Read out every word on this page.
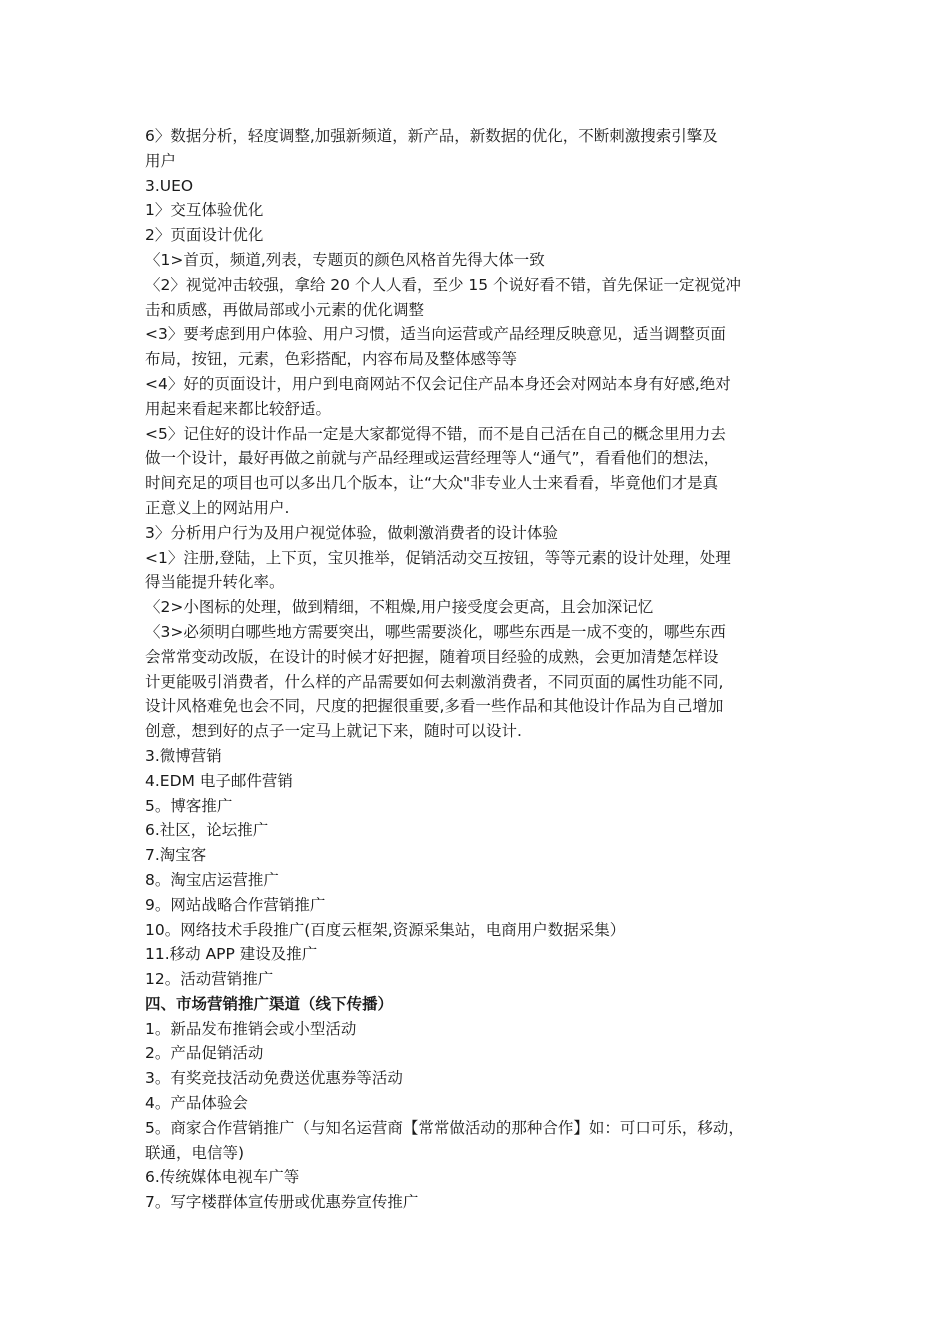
6〉数据分析，轻度调整,加强新频道，新产品，新数据的优化，不断刺激搜索引擎及
用户
3.UEO
1〉交互体验优化
2〉页面设计优化
〈1>首页，频道,列表，专题页的颜色风格首先得大体一致
〈2〉视觉冲击较强，拿给 20 个人人看，至少 15 个说好看不错，首先保证一定视觉冲
击和质感，再做局部或小元素的优化调整
<3〉要考虑到用户体验、用户习惯，适当向运营或产品经理反映意见，适当调整页面
布局，按钮，元素，色彩搭配，内容布局及整体感等等
<4〉好的页面设计，用户到电商网站不仅会记住产品本身还会对网站本身有好感,绝对
用起来看起来都比较舒适。
<5〉记住好的设计作品一定是大家都觉得不错，而不是自己活在自己的概念里用力去
做一个设计，最好再做之前就与产品经理或运营经理等人“通气”，看看他们的想法，
时间充足的项目也可以多出几个版本，让“大众"非专业人士来看看，毕竟他们才是真
正意义上的网站用户.
3〉分析用户行为及用户视觉体验，做刺激消费者的设计体验
<1〉注册,登陆，上下页，宝贝推举，促销活动交互按钮，等等元素的设计处理，处理
得当能提升转化率。
〈2>小图标的处理，做到精细，不粗燥,用户接受度会更高，且会加深记忆
〈3>必须明白哪些地方需要突出，哪些需要淡化，哪些东西是一成不变的，哪些东西
会常常变动改版，在设计的时候才好把握，随着项目经验的成熟，会更加清楚怎样设
计更能吸引消费者，什么样的产品需要如何去刺激消费者，不同页面的属性功能不同,
设计风格难免也会不同，尺度的把握很重要,多看一些作品和其他设计作品为自己增加
创意，想到好的点子一定马上就记下来，随时可以设计.
3.微博营销
4.EDM 电子邮件营销
5。博客推广
6.社区，论坛推广
7.淘宝客
8。淘宝店运营推广
9。网站战略合作营销推广
10。网络技术手段推广(百度云框架,资源采集站，电商用户数据采集）
11.移动 APP 建设及推广
12。活动营销推广
四、市场营销推广渠道（线下传播）
1。新品发布推销会或小型活动
2。产品促销活动
3。有奖竞技活动免费送优惠券等活动
4。产品体验会
5。商家合作营销推广（与知名运营商【常常做活动的那种合作】如：可口可乐，移动，
联通，电信等)
6.传统媒体电视车广等
7。写字楼群体宣传册或优惠券宣传推广
